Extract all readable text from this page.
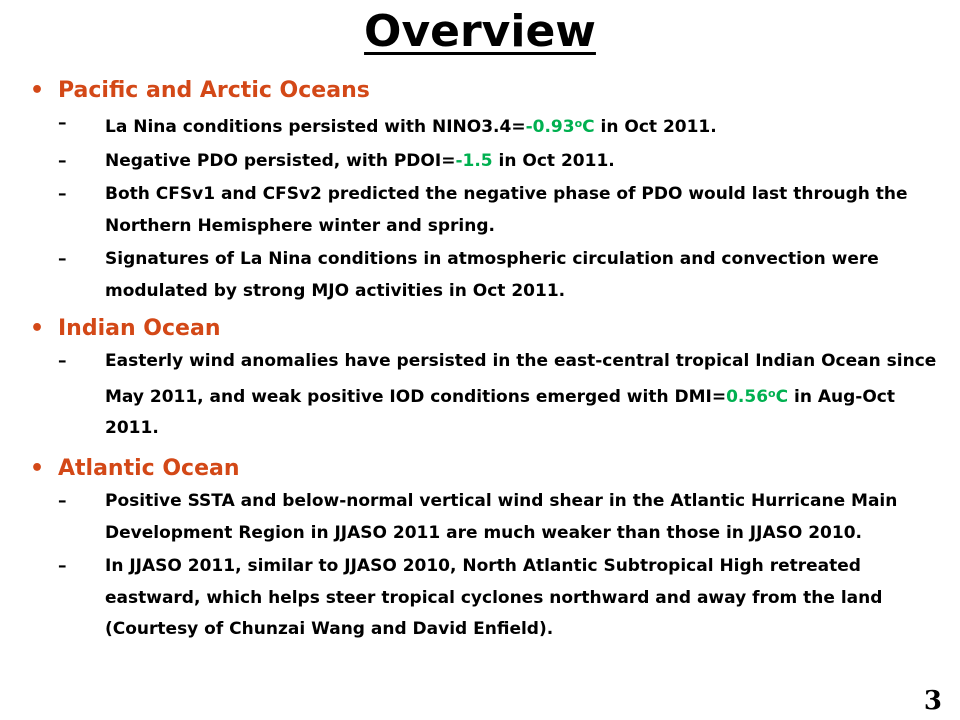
Overview
• Pacific and Arctic Oceans
– La Nina conditions persisted with $NINO3.4=-0.93^oC$ in Oct 2011.
– Negative PDO persisted, with PDOI=-1.5 in Oct 2011.
– Both CFSv1 and CFSv2 predicted the negative phase of PDO would last through the Northern Hemisphere winter and spring.
– Signatures of La Nina conditions in atmospheric circulation and convection were modulated by strong MJO activities in Oct 2011.
• Indian Ocean
– Easterly wind anomalies have persisted in the east-central tropical Indian Ocean since May 2011, and weak positive IOD conditions emerged with $DMI=0.56^oC$ in Aug-Oct 2011.
• Atlantic Ocean
– Positive SSTA and below-normal vertical wind shear in the Atlantic Hurricane Main Development Region in JJASO 2011 are much weaker than those in JJASO 2010.
– In JJASO 2011, similar to JJASO 2010, North Atlantic Subtropical High retreated eastward, which helps steer tropical cyclones northward and away from the land (Courtesy of Chunzai Wang and David Enfield).
3
